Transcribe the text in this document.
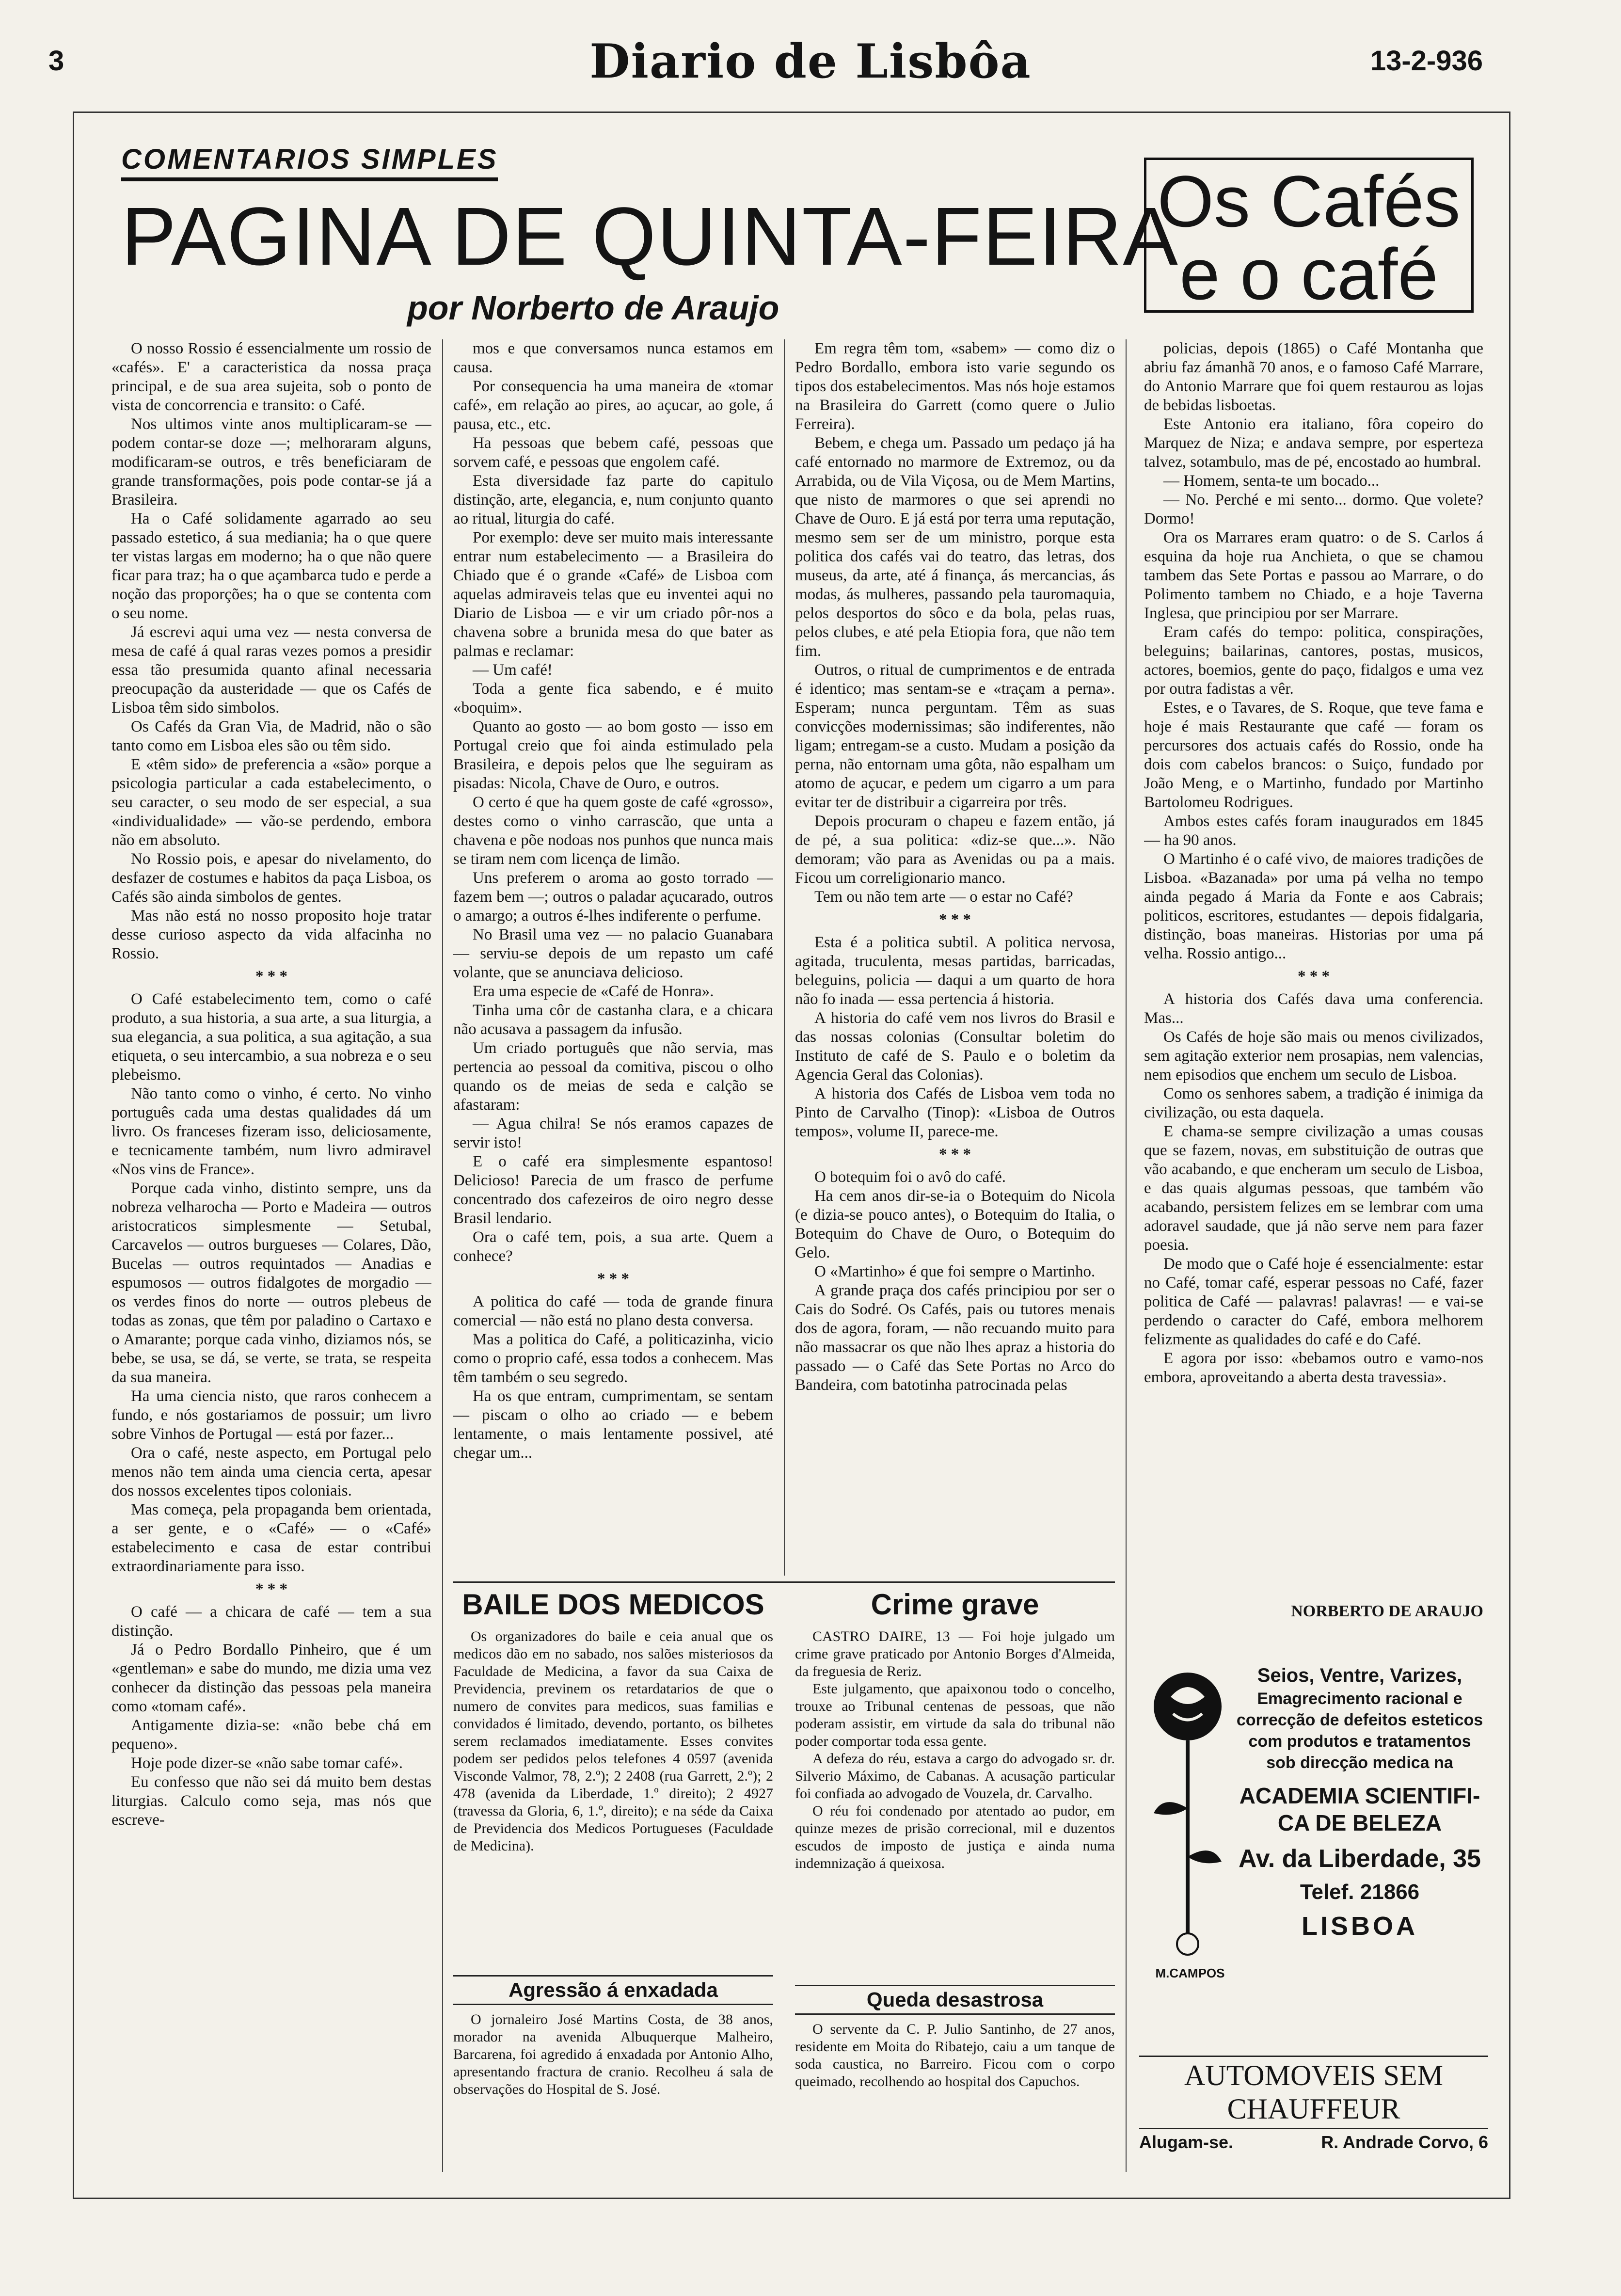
3	Diario de Lisbôa	13-2-936
COMENTARIOS SIMPLES
PAGINA DE QUINTA-FEIRA
por Norberto de Araujo
Os Cafés
e o café

O nosso Rossio é essencialmente um rossio de «cafés». E' a caracteristica da nossa praça principal, e de sua area sujeita, sob o ponto de vista de concorrencia e transito: o Café.

Nos ultimos vinte anos multiplicaram-se — podem contar-se doze —; melhoraram alguns, modificaram-se outros, e três beneficiaram de grande transformações, pois pode contar-se já a Brasileira.

Ha o Café solidamente agarrado ao seu passado estetico, á sua mediania; ha o que quere ter vistas largas em moderno; ha o que não quere ficar para traz; ha o que açambarca tudo e perde a noção das proporções; ha o que se contenta com o seu nome.

Já escrevi aqui uma vez — nesta conversa de mesa de café á qual raras vezes pomos a presidir essa tão presumida quanto afinal necessaria preocupação da austeridade — que os Cafés de Lisboa têm sido simbolos.

Os Cafés da Gran Via, de Madrid, não o são tanto como em Lisboa eles são ou têm sido.

E «têm sido» de preferencia a «são» porque a psicologia particular a cada estabelecimento, o seu caracter, o seu modo de ser especial, a sua «individualidade» — vão-se perdendo, embora não em absoluto.

No Rossio pois, e apesar do nivelamento, do desfazer de costumes e habitos da paça Lisboa, os Cafés são ainda simbolos de gentes.

Mas não está no nosso proposito hoje tratar desse curioso aspecto da vida alfacinha no Rossio.

* * *

O Café estabelecimento tem, como o café produto, a sua historia, a sua arte, a sua liturgia, a sua elegancia, a sua politica, a sua agitação, a sua etiqueta, o seu intercambio, a sua nobreza e o seu plebeismo.

Não tanto como o vinho, é certo. No vinho português cada uma destas qualidades dá um livro. Os franceses fizeram isso, deliciosamente, e tecnicamente também, num livro admiravel «Nos vins de France».

Porque cada vinho, distinto sempre, uns da nobreza velharocha — Porto e Madeira — outros aristocraticos simplesmente — Setubal, Carcavelos — outros burgueses — Colares, Dão, Bucelas — outros requintados — Anadias e espumosos — outros fidalgotes de morgadio — os verdes finos do norte — outros plebeus de todas as zonas, que têm por paladino o Cartaxo e o Amarante; porque cada vinho, diziamos nós, se bebe, se usa, se dá, se verte, se trata, se respeita da sua maneira.

Ha uma ciencia nisto, que raros conhecem a fundo, e nós gostariamos de possuir; um livro sobre Vinhos de Portugal — está por fazer...

Ora o café, neste aspecto, em Portugal pelo menos não tem ainda uma ciencia certa, apesar dos nossos excelentes tipos coloniais.

Mas começa, pela propaganda bem orientada, a ser gente, e o «Café» — o «Café» estabelecimento e casa de estar contribui extraordinariamente para isso.

* * *

O café — a chicara de café — tem a sua distinção.

Já o Pedro Bordallo Pinheiro, que é um «gentleman» e sabe do mundo, me dizia uma vez conhecer da distinção das pessoas pela maneira como «tomam café».

Antigamente dizia-se: «não bebe chá em pequeno».

Hoje pode dizer-se «não sabe tomar café».

Eu confesso que não sei dá muito bem destas liturgias. Calculo como seja, mas nós que escreve-

mos e que conversamos nunca estamos em causa.

Por consequencia ha uma maneira de «tomar café», em relação ao pires, ao açucar, ao gole, á pausa, etc., etc.

Ha pessoas que bebem café, pessoas que sorvem café, e pessoas que engolem café.

Esta diversidade faz parte do capitulo distinção, arte, elegancia, e, num conjunto quanto ao ritual, liturgia do café.

Por exemplo: deve ser muito mais interessante entrar num estabelecimento — a Brasileira do Chiado que é o grande «Café» de Lisboa com aquelas admiraveis telas que eu inventei aqui no Diario de Lisboa — e vir um criado pôr-nos a chavena sobre a brunida mesa do que bater as palmas e reclamar:

— Um café!

Toda a gente fica sabendo, e é muito «boquim».

Quanto ao gosto — ao bom gosto — isso em Portugal creio que foi ainda estimulado pela Brasileira, e depois pelos que lhe seguiram as pisadas: Nicola, Chave de Ouro, e outros.

O certo é que ha quem goste de café «grosso», destes como o vinho carrascão, que unta a chavena e põe nodoas nos punhos que nunca mais se tiram nem com licença de limão.

Uns preferem o aroma ao gosto torrado — fazem bem —; outros o paladar açucarado, outros o amargo; a outros é-lhes indiferente o perfume.

No Brasil uma vez — no palacio Guanabara — serviu-se depois de um repasto um café volante, que se anunciava delicioso.

Era uma especie de «Café de Honra».

Tinha uma côr de castanha clara, e a chicara não acusava a passagem da infusão.

Um criado português que não servia, mas pertencia ao pessoal da comitiva, piscou o olho quando os de meias de seda e calção se afastaram:

— Agua chilra! Se nós eramos capazes de servir isto!

E o café era simplesmente espantoso! Delicioso! Parecia de um frasco de perfume concentrado dos cafezeiros de oiro negro desse Brasil lendario.

Ora o café tem, pois, a sua arte. Quem a conhece?

* * *

A politica do café — toda de grande finura comercial — não está no plano desta conversa.

Mas a politica do Café, a politicazinha, vicio como o proprio café, essa todos a conhecem. Mas têm também o seu segredo.

Ha os que entram, cumprimentam, se sentam — piscam o olho ao criado — e bebem lentamente, o mais lentamente possivel, até chegar um...

Em regra têm tom, «sabem» — como diz o Pedro Bordallo, embora isto varie segundo os tipos dos estabelecimentos. Mas nós hoje estamos na Brasileira do Garrett (como quere o Julio Ferreira).

Bebem, e chega um. Passado um pedaço já ha café entornado no marmore de Extremoz, ou da Arrabida, ou de Vila Viçosa, ou de Mem Martins, que nisto de marmores o que sei aprendi no Chave de Ouro. E já está por terra uma reputação, mesmo sem ser de um ministro, porque esta politica dos cafés vai do teatro, das letras, dos museus, da arte, até á finança, ás mercancias, ás modas, ás mulheres, passando pela tauromaquia, pelos desportos do sôco e da bola, pelas ruas, pelos clubes, e até pela Etiopia fora, que não tem fim.

Outros, o ritual de cumprimentos e de entrada é identico; mas sentam-se e «traçam a perna». Esperam; nunca perguntam. Têm as suas convicções modernissimas; são indiferentes, não ligam; entregam-se a custo. Mudam a posição da perna, não entornam uma gôta, não espalham um atomo de açucar, e pedem um cigarro a um para evitar ter de distribuir a cigarreira por três.

Depois procuram o chapeu e fazem então, já de pé, a sua politica: «diz-se que...». Não demoram; vão para as Avenidas ou pa a mais. Ficou um correligionario manco.

Tem ou não tem arte — o estar no Café?

* * *

Esta é a politica subtil. A politica nervosa, agitada, truculenta, mesas partidas, barricadas, beleguins, policia — daqui a um quarto de hora não fo inada — essa pertencia á historia.

A historia do café vem nos livros do Brasil e das nossas colonias (Consultar boletim do Instituto de café de S. Paulo e o boletim da Agencia Geral das Colonias).

A historia dos Cafés de Lisboa vem toda no Pinto de Carvalho (Tinop): «Lisboa de Outros tempos», volume II, parece-me.

* * *

O botequim foi o avô do café.

Ha cem anos dir-se-ia o Botequim do Nicola (e dizia-se pouco antes), o Botequim do Italia, o Botequim do Chave de Ouro, o Botequim do Gelo.

O «Martinho» é que foi sempre o Martinho.

A grande praça dos cafés principiou por ser o Cais do Sodré. Os Cafés, pais ou tutores menais dos de agora, foram, — não recuando muito para não massacrar os que não lhes apraz a historia do passado — o Café das Sete Portas no Arco do Bandeira, com batotinha patrocinada pelas

policias, depois (1865) o Café Montanha que abriu faz ámanhã 70 anos, e o famoso Café Marrare, do Antonio Marrare que foi quem restaurou as lojas de bebidas lisboetas.

Este Antonio era italiano, fôra copeiro do Marquez de Niza; e andava sempre, por esperteza talvez, sotambulo, mas de pé, encostado ao humbral.

— Homem, senta-te um bocado...

— No. Perché e mi sento... dormo. Que volete? Dormo!

Ora os Marrares eram quatro: o de S. Carlos á esquina da hoje rua Anchieta, o que se chamou tambem das Sete Portas e passou ao Marrare, o do Polimento tambem no Chiado, e a hoje Taverna Inglesa, que principiou por ser Marrare.

Eram cafés do tempo: politica, conspirações, beleguins; bailarinas, cantores, postas, musicos, actores, boemios, gente do paço, fidalgos e uma vez por outra fadistas a vêr.

Estes, e o Tavares, de S. Roque, que teve fama e hoje é mais Restaurante que café — foram os percursores dos actuais cafés do Rossio, onde ha dois com cabelos brancos: o Suiço, fundado por João Meng, e o Martinho, fundado por Martinho Bartolomeu Rodrigues.

Ambos estes cafés foram inaugurados em 1845 — ha 90 anos.

O Martinho é o café vivo, de maiores tradições de Lisboa. «Bazanada» por uma pá velha no tempo ainda pegado á Maria da Fonte e aos Cabrais; politicos, escritores, estudantes — depois fidalgaria, distinção, boas maneiras. Historias por uma pá velha. Rossio antigo...

* * *

A historia dos Cafés dava uma conferencia. Mas...

Os Cafés de hoje são mais ou menos civilizados, sem agitação exterior nem prosapias, nem valencias, nem episodios que enchem um seculo de Lisboa.

Como os senhores sabem, a tradição é inimiga da civilização, ou esta daquela.

E chama-se sempre civilização a umas cousas que se fazem, novas, em substituição de outras que vão acabando, e que encheram um seculo de Lisboa, e das quais algumas pessoas, que também vão acabando, persistem felizes em se lembrar com uma adoravel saudade, que já não serve nem para fazer poesia.

De modo que o Café hoje é essencialmente: estar no Café, tomar café, esperar pessoas no Café, fazer politica de Café — palavras! palavras! — e vai-se perdendo o caracter do Café, embora melhorem felizmente as qualidades do café e do Café.

E agora por isso: «bebamos outro e vamo-nos embora, aproveitando a aberta desta travessia».

NORBERTO DE ARAUJO
BAILE DOS MEDICOS

Os organizadores do baile e ceia anual que os medicos dão em no sabado, nos salões misteriosos da Faculdade de Medicina, a favor da sua Caixa de Previdencia, previnem os retardatarios de que o numero de convites para medicos, suas familias e convidados é limitado, devendo, portanto, os bilhetes serem reclamados imediatamente. Esses convites podem ser pedidos pelos telefones 4 0597 (avenida Visconde Valmor, 78, 2.º); 2 2408 (rua Garrett, 2.º); 2 478 (avenida da Liberdade, 1.º direito); 2 4927 (travessa da Gloria, 6, 1.º, direito); e na séde da Caixa de Previdencia dos Medicos Portugueses (Faculdade de Medicina).

Agressão á enxadada

O jornaleiro José Martins Costa, de 38 anos, morador na avenida Albuquerque Malheiro, Barcarena, foi agredido á enxadada por Antonio Alho, apresentando fractura de cranio. Recolheu á sala de observações do Hospital de S. José.

Crime grave

CASTRO DAIRE, 13 — Foi hoje julgado um crime grave praticado por Antonio Borges d'Almeida, da freguesia de Reriz.

Este julgamento, que apaixonou todo o concelho, trouxe ao Tribunal centenas de pessoas, que não poderam assistir, em virtude da sala do tribunal não poder comportar toda essa gente.

A defeza do réu, estava a cargo do advogado sr. dr. Silverio Máximo, de Cabanas. A acusação particular foi confiada ao advogado de Vouzela, dr. Carvalho.

O réu foi condenado por atentado ao pudor, em quinze mezes de prisão correcional, mil e duzentos escudos de imposto de justiça e ainda numa indemnização á queixosa.

Queda desastrosa

O servente da C. P. Julio Santinho, de 27 anos, residente em Moita do Ribatejo, caiu a um tanque de soda caustica, no Barreiro. Ficou com o corpo queimado, recolhendo ao hospital dos Capuchos.

M.CAMPOS
Seios, Ventre, Varizes,
Emagrecimento racional e correcção de defeitos esteticos com produtos e tratamentos sob direcção medica na
ACADEMIA SCIENTIFI-
CA DE BELEZA
Av. da Liberdade, 35
Telef. 21866
LISBOA
AUTOMOVEIS SEM CHAUFFEUR
Alugam-se.	R. Andrade Corvo, 6
